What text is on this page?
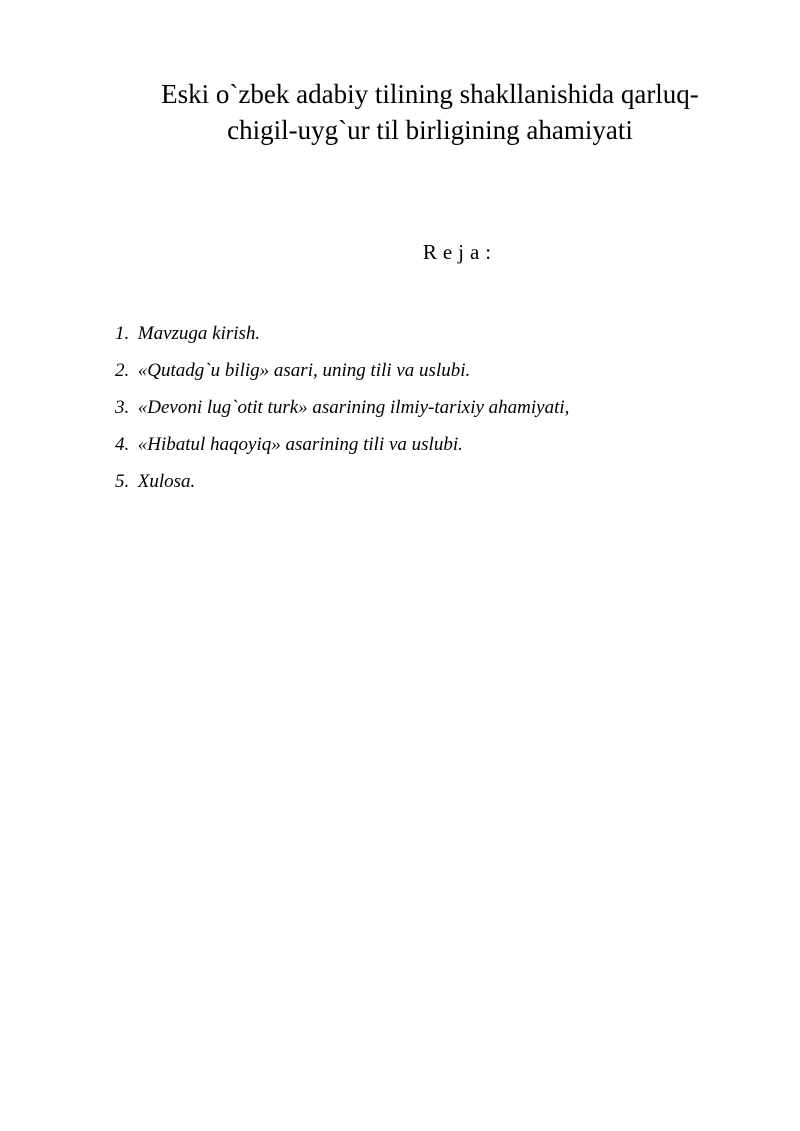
Eski o`zbek adabiy tilining shakllanishida qarluq-
chigil-uyg`ur til birligining ahamiyati
Reja:
1. Mavzuga kirish.
2. «Qutadg`u bilig» asari, uning tili va uslubi.
3. «Devoni lug`otit turk» asarining ilmiy-tarixiy ahamiyati,
4. «Hibatul haqoyiq» asarining tili va uslubi.
5. Xulosa.
